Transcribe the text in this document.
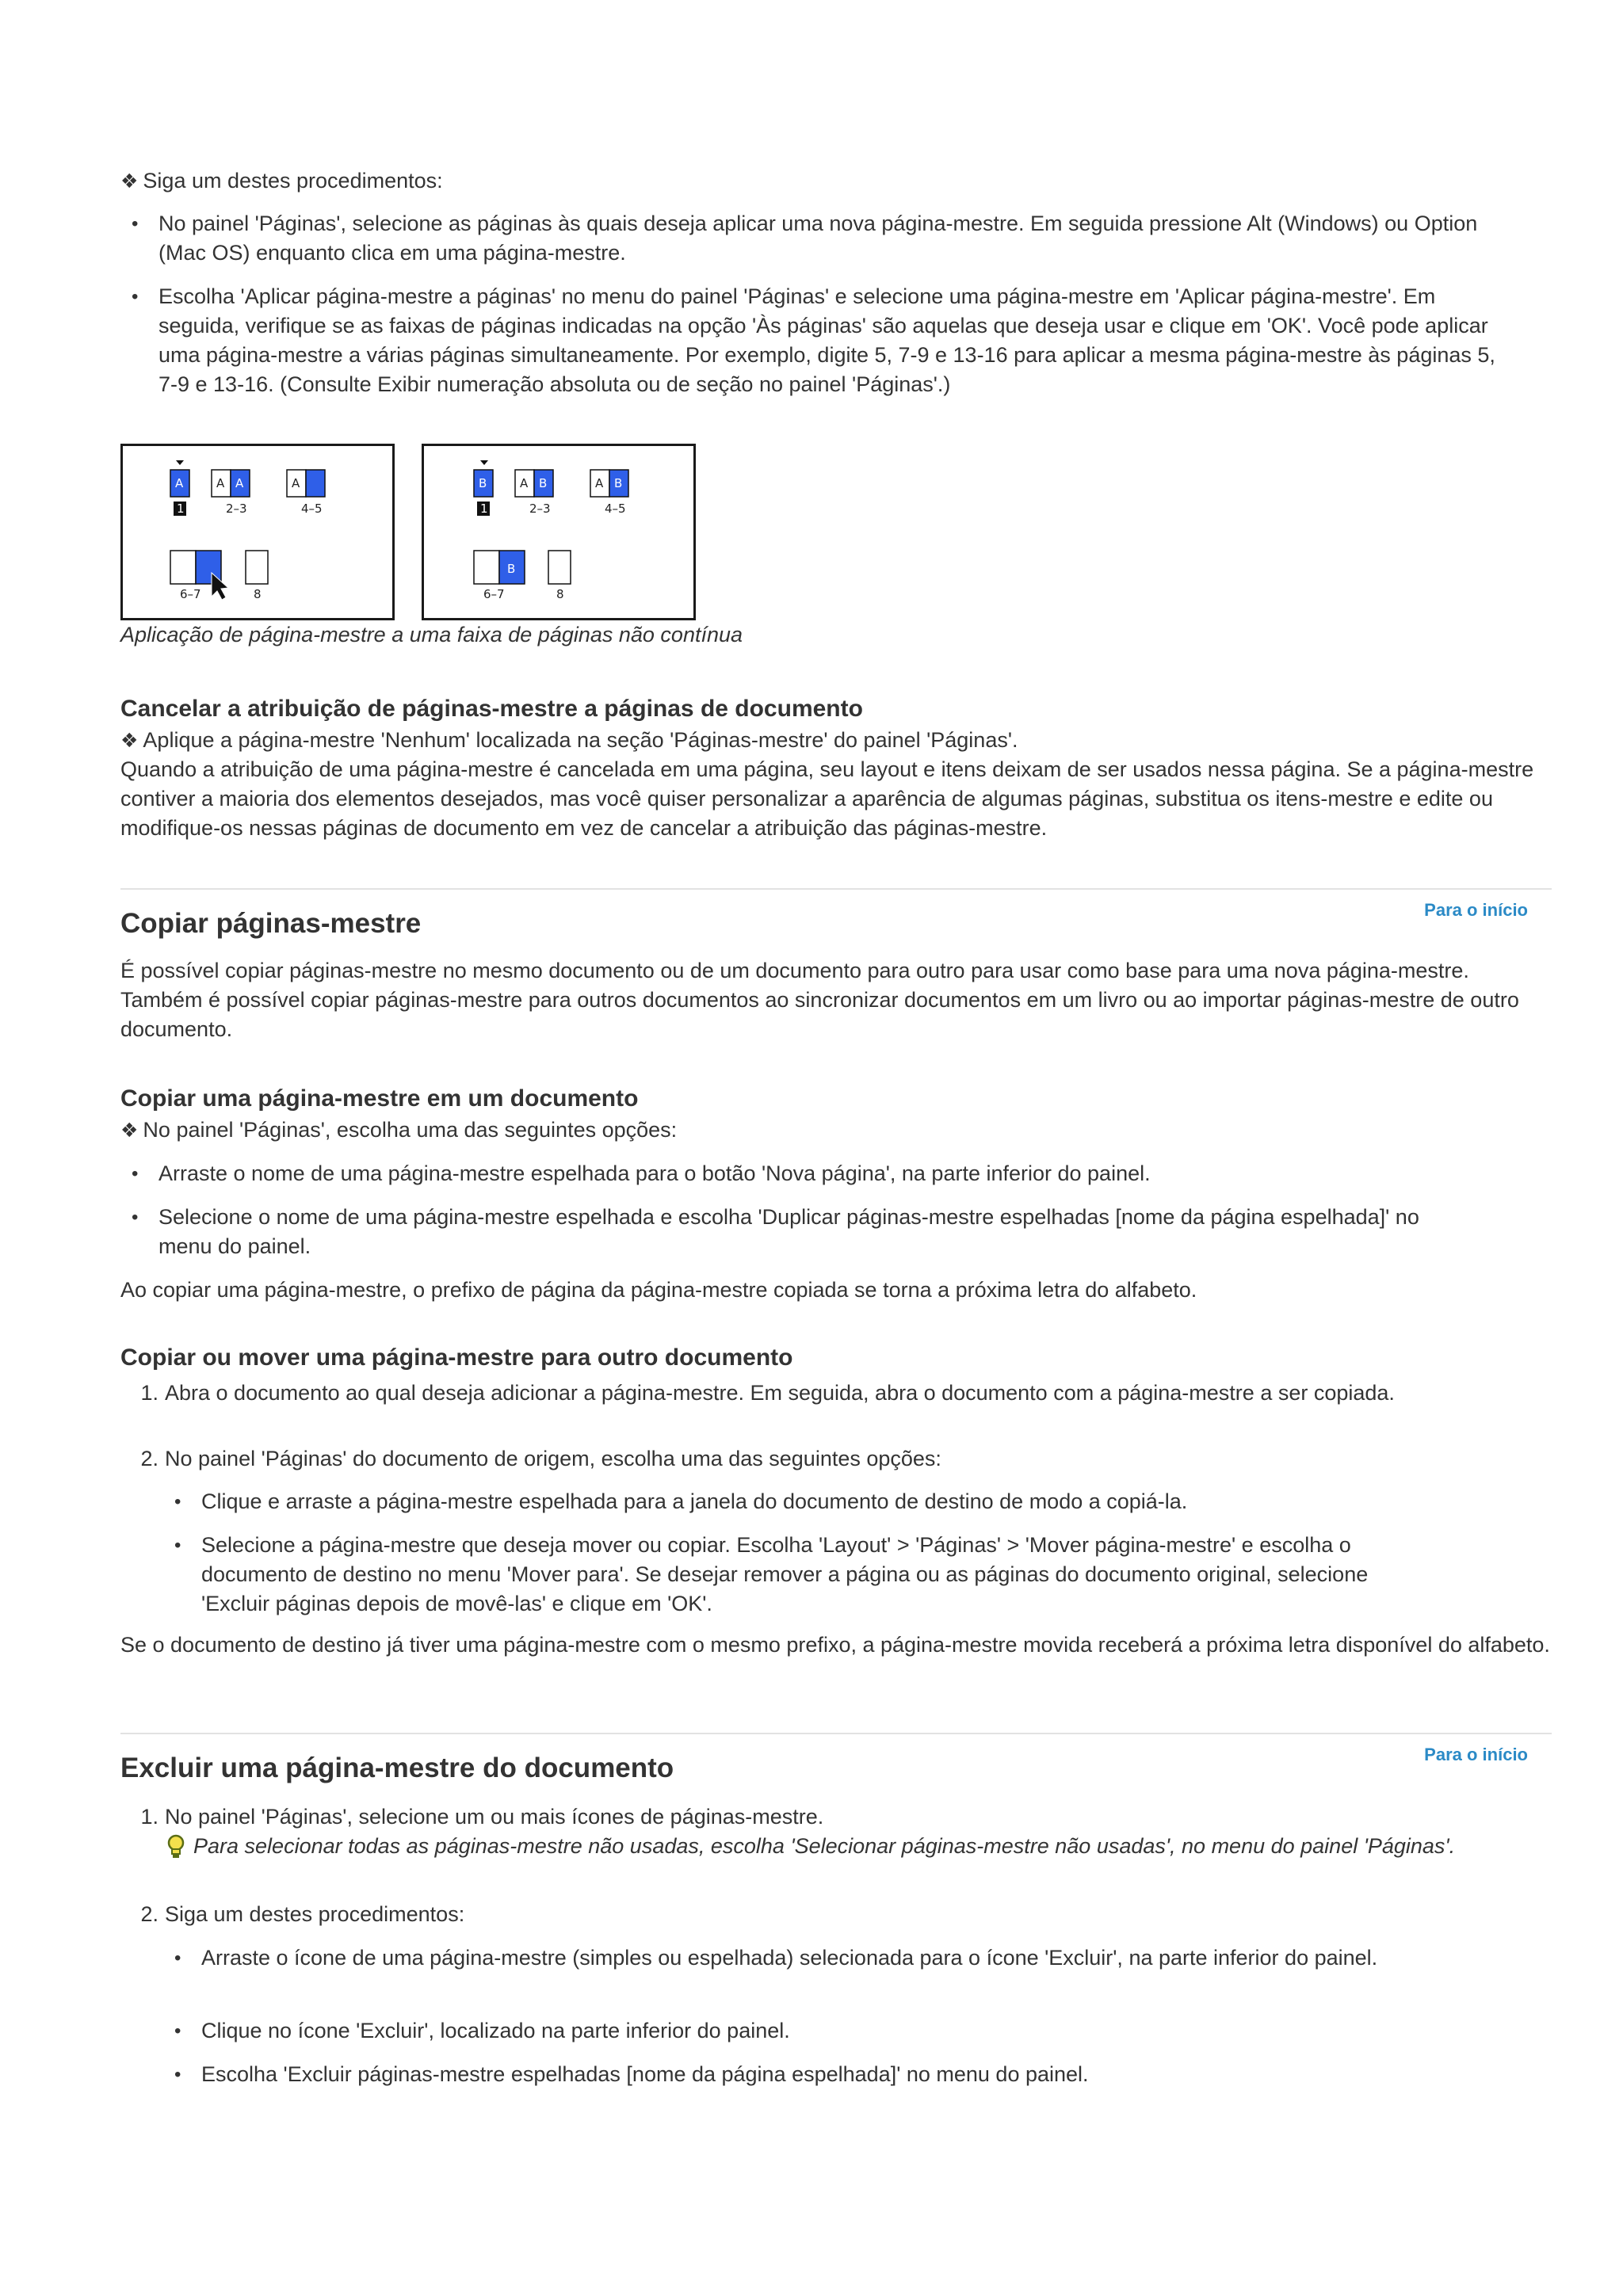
❖ Siga um destes procedimentos:
• No painel 'Páginas', selecione as páginas às quais deseja aplicar uma nova página-mestre. Em seguida pressione Alt (Windows) ou Option (Mac OS) enquanto clica em uma página-mestre.
• Escolha 'Aplicar página-mestre a páginas' no menu do painel 'Páginas' e selecione uma página-mestre em 'Aplicar página-mestre'. Em seguida, verifique se as faixas de páginas indicadas na opção 'Às páginas' são aquelas que deseja usar e clique em 'OK'. Você pode aplicar uma página-mestre a várias páginas simultaneamente. Por exemplo, digite 5, 7-9 e 13-16 para aplicar a mesma página-mestre às páginas 5, 7-9 e 13-16. (Consulte Exibir numeração absoluta ou de seção no painel 'Páginas'.)
A	A A	A
1	2–3	4–5
6–7	8
B	A B	A B
1	2–3	4–5
B
6–7	8
Aplicação de página-mestre a uma faixa de páginas não contínua
Cancelar a atribuição de páginas-mestre a páginas de documento
❖ Aplique a página-mestre 'Nenhum' localizada na seção 'Páginas-mestre' do painel 'Páginas'.
Quando a atribuição de uma página-mestre é cancelada em uma página, seu layout e itens deixam de ser usados nessa página. Se a página-mestre contiver a maioria dos elementos desejados, mas você quiser personalizar a aparência de algumas páginas, substitua os itens-mestre e edite ou modifique-os nessas páginas de documento em vez de cancelar a atribuição das páginas-mestre.
Copiar páginas-mestre	Para o início
É possível copiar páginas-mestre no mesmo documento ou de um documento para outro para usar como base para uma nova página-mestre. Também é possível copiar páginas-mestre para outros documentos ao sincronizar documentos em um livro ou ao importar páginas-mestre de outro documento.
Copiar uma página-mestre em um documento
❖ No painel 'Páginas', escolha uma das seguintes opções:
• Arraste o nome de uma página-mestre espelhada para o botão 'Nova página', na parte inferior do painel.
• Selecione o nome de uma página-mestre espelhada e escolha 'Duplicar páginas-mestre espelhadas [nome da página espelhada]' no menu do painel.
Ao copiar uma página-mestre, o prefixo de página da página-mestre copiada se torna a próxima letra do alfabeto.
Copiar ou mover uma página-mestre para outro documento
1. Abra o documento ao qual deseja adicionar a página-mestre. Em seguida, abra o documento com a página-mestre a ser copiada.
2. No painel 'Páginas' do documento de origem, escolha uma das seguintes opções:
• Clique e arraste a página-mestre espelhada para a janela do documento de destino de modo a copiá-la.
• Selecione a página-mestre que deseja mover ou copiar. Escolha 'Layout' > 'Páginas' > 'Mover página-mestre' e escolha o documento de destino no menu 'Mover para'. Se desejar remover a página ou as páginas do documento original, selecione 'Excluir páginas depois de movê-las' e clique em 'OK'.
Se o documento de destino já tiver uma página-mestre com o mesmo prefixo, a página-mestre movida receberá a próxima letra disponível do alfabeto.
Excluir uma página-mestre do documento	Para o início
1. No painel 'Páginas', selecione um ou mais ícones de páginas-mestre.
Para selecionar todas as páginas-mestre não usadas, escolha 'Selecionar páginas-mestre não usadas', no menu do painel 'Páginas'.
2. Siga um destes procedimentos:
• Arraste o ícone de uma página-mestre (simples ou espelhada) selecionada para o ícone 'Excluir', na parte inferior do painel.
• Clique no ícone 'Excluir', localizado na parte inferior do painel.
• Escolha 'Excluir páginas-mestre espelhadas [nome da página espelhada]' no menu do painel.
